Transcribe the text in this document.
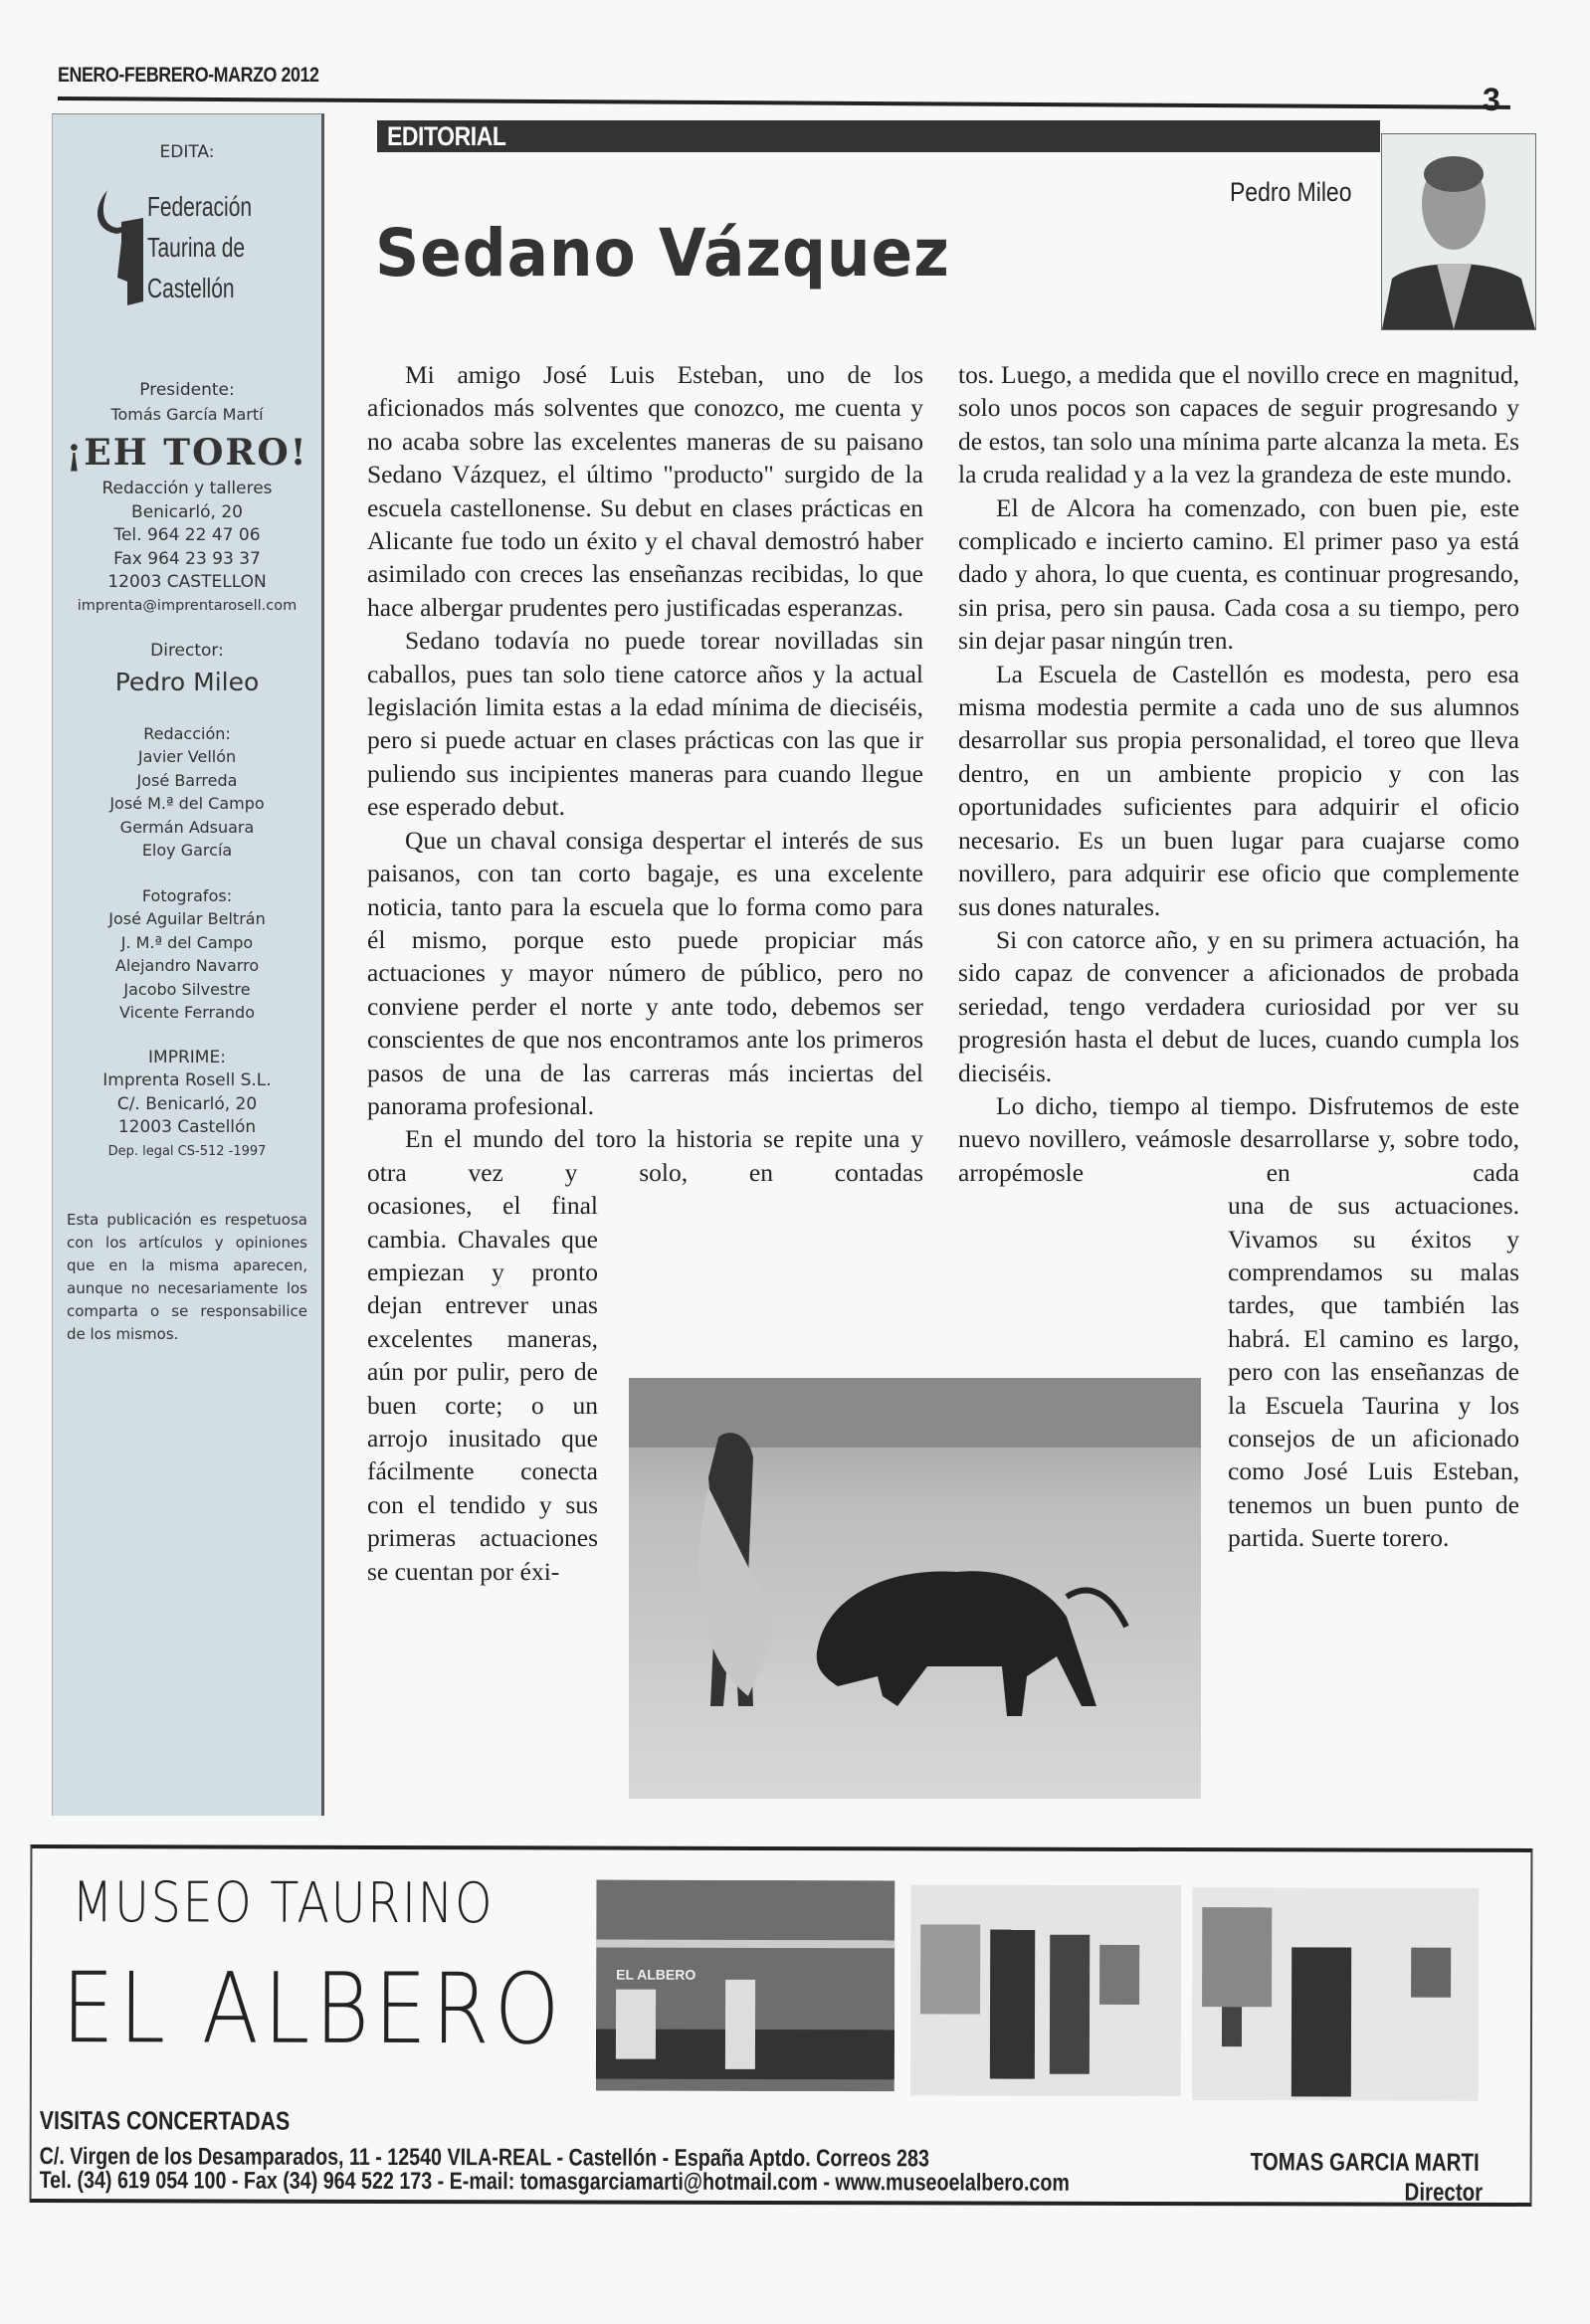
ENERO-FEBRERO-MARZO 2012
3
EDITA:
Federación
Taurina de
Castellón
Presidente:
Tomás García Martí
¡EH TORO!
Redacción y talleres
Benicarló, 20
Tel. 964 22 47 06
Fax 964 23 93 37
12003 CASTELLON
imprenta@imprentarosell.com
Director:
Pedro Mileo
Redacción:
Javier Vellón
José Barreda
José M.ª del Campo
Germán Adsuara
Eloy García
Fotografos:
José Aguilar Beltrán
J. M.ª del Campo
Alejandro Navarro
Jacobo Silvestre
Vicente Ferrando
IMPRIME:
Imprenta Rosell S.L.
C/. Benicarló, 20
12003 Castellón
Dep. legal CS-512 -1997
Esta publicación es respetuosa con los artículos y opiniones que en la misma aparecen, aunque no necesariamente los comparta o se responsabilice de los mismos.
EDITORIAL
Pedro Mileo
Sedano Vázquez

Mi amigo José Luis Esteban, uno de los aficionados más solventes que conozco, me cuenta y no acaba sobre las excelentes maneras de su paisano Sedano Vázquez, el último "producto" surgido de la escuela castellonense. Su debut en clases prácticas en Alicante fue todo un éxito y el chaval demostró haber asimilado con creces las enseñanzas recibidas, lo que hace albergar prudentes pero justificadas esperanzas.

Sedano todavía no puede torear novilladas sin caballos, pues tan solo tiene catorce años y la actual legislación limita estas a la edad mínima de dieciséis, pero si puede actuar en clases prácticas con las que ir puliendo sus incipientes maneras para cuando llegue ese esperado debut.

Que un chaval consiga despertar el interés de sus paisanos, con tan corto bagaje, es una excelente noticia, tanto para la escuela que lo forma como para él mismo, porque esto puede propiciar más actuaciones y mayor número de público, pero no conviene perder el norte y ante todo, debemos ser conscientes de que nos encontramos ante los primeros pasos de una de las carreras más inciertas del panorama profesional.

En el mundo del toro la historia se repite una y otra vez y solo, en contadas

ocasiones, el final cambia. Chavales que empiezan y pronto dejan entrever unas excelentes maneras, aún por pulir, pero de buen corte; o un arrojo inusitado que fácilmente conecta con el tendido y sus primeras actuaciones se cuentan por éxi-

tos. Luego, a medida que el novillo crece en magnitud, solo unos pocos son capaces de seguir progresando y de estos, tan solo una mínima parte alcanza la meta. Es la cruda realidad y a la vez la grandeza de este mundo.

El de Alcora ha comenzado, con buen pie, este complicado e incierto camino. El primer paso ya está dado y ahora, lo que cuenta, es continuar progresando, sin prisa, pero sin pausa. Cada cosa a su tiempo, pero sin dejar pasar ningún tren.

La Escuela de Castellón es modesta, pero esa misma modestia permite a cada uno de sus alumnos desarrollar sus propia personalidad, el toreo que lleva dentro, en un ambiente propicio y con las oportunidades suficientes para adquirir el oficio necesario. Es un buen lugar para cuajarse como novillero, para adquirir ese oficio que complemente sus dones naturales.

Si con catorce año, y en su primera actuación, ha sido capaz de convencer a aficionados de probada seriedad, tengo verdadera curiosidad por ver su progresión hasta el debut de luces, cuando cumpla los dieciséis.

Lo dicho, tiempo al tiempo. Disfrutemos de este nuevo novillero, veámosle desarrollarse y, sobre todo, arropémosle en cada

una de sus actuaciones. Vivamos su éxitos y comprendamos su malas tardes, que también las habrá. El camino es largo, pero con las enseñanzas de la Escuela Taurina y los consejos de un aficionado como José Luis Esteban, tenemos un buen punto de partida. Suerte torero.
MUSEO TAURINO
EL ALBERO	EL ALBERO
VISITAS CONCERTADAS
C/. Virgen de los Desamparados, 11 - 12540 VILA-REAL - Castellón - España Aptdo. Correos 283
Tel. (34) 619 054 100 - Fax (34) 964 522 173 - E-mail: tomasgarciamarti@hotmail.com - www.museoelalbero.com
TOMAS GARCIA MARTI
Director
